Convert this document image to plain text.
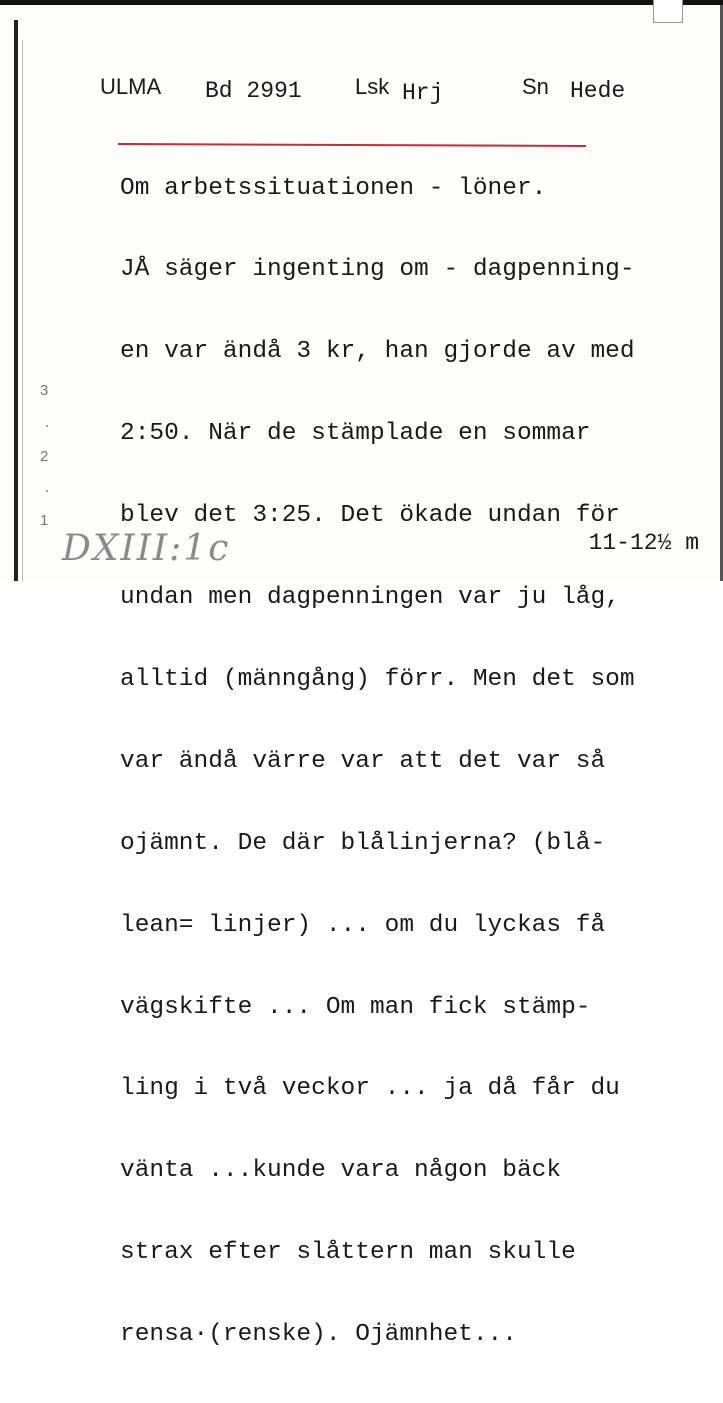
ULMA Bd 2991 Lsk Hrj	Sn Hede

Om arbetssituationen - löner.

JÅ säger ingenting om - dagpenning-

en var ändå 3 kr, han gjorde av med

2:50. När de stämplade en sommar

blev det 3:25. Det ökade undan för

undan men dagpenningen var ju låg,

alltid (männgång) förr. Men det som

var ändå värre var att det var så

ojämnt. De där blålinjerna? (blå-

lean= linjer) ... om du lyckas få

vägskifte ... Om man fick stämp-

ling i två veckor ... ja då får du

vänta ...kunde vara någon bäck

strax efter slåttern man skulle

rensa·(renske). Ojämnhet...

3
2
1
DXIII:1c	11-12½ m
